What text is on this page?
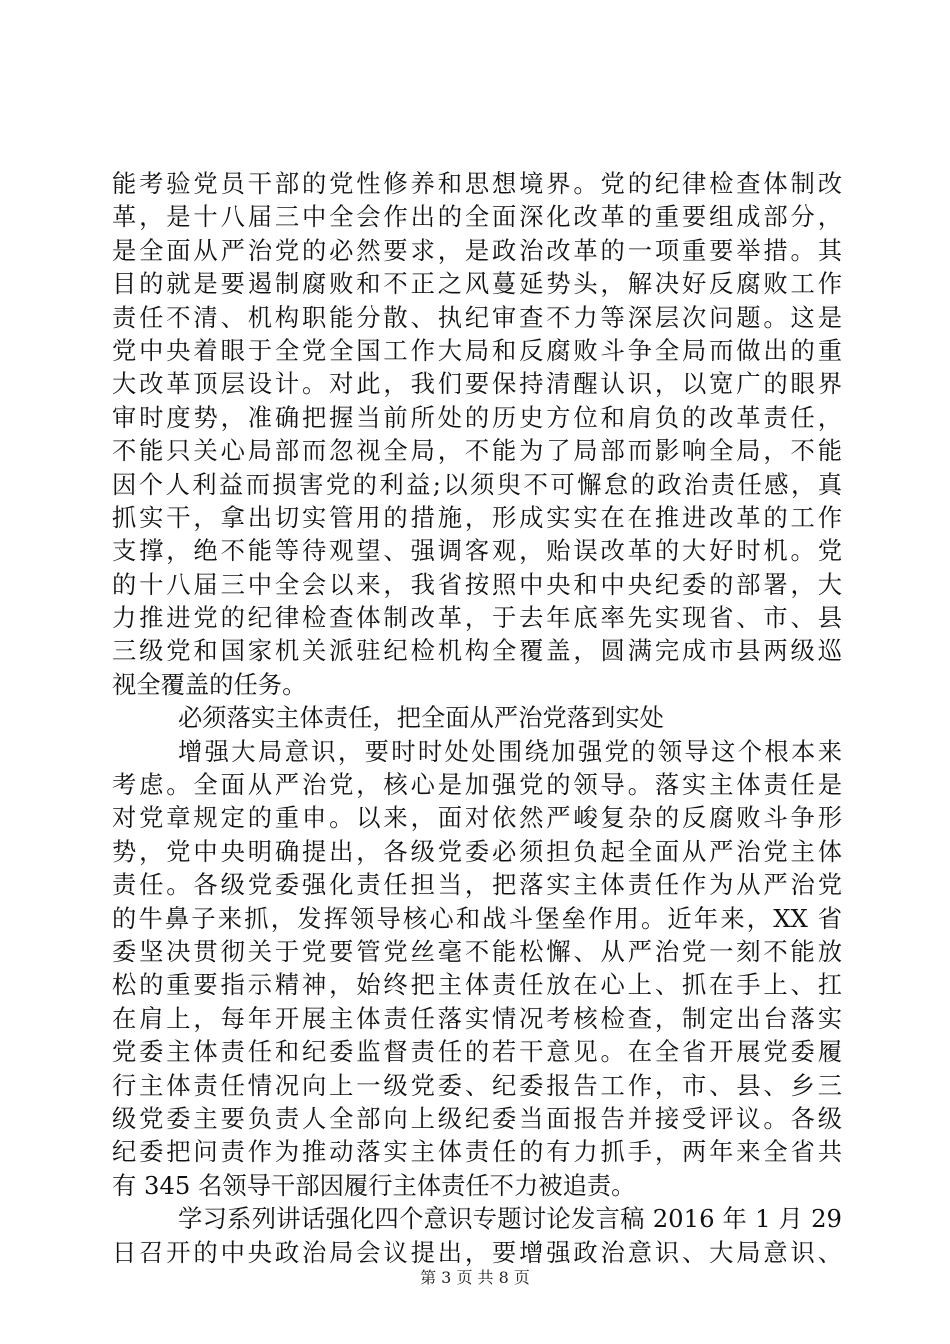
能考验党员干部的党性修养和思想境界。党的纪律检查体制改
革，是十八届三中全会作出的全面深化改革的重要组成部分，
是全面从严治党的必然要求，是政治改革的一项重要举措。其
目的就是要遏制腐败和不正之风蔓延势头，解决好反腐败工作
责任不清、机构职能分散、执纪审查不力等深层次问题。这是
党中央着眼于全党全国工作大局和反腐败斗争全局而做出的重
大改革顶层设计。对此，我们要保持清醒认识，以宽广的眼界
审时度势，准确把握当前所处的历史方位和肩负的改革责任，
不能只关心局部而忽视全局，不能为了局部而影响全局，不能
因个人利益而损害党的利益;以须臾不可懈怠的政治责任感，真
抓实干，拿出切实管用的措施，形成实实在在推进改革的工作
支撑，绝不能等待观望、强调客观，贻误改革的大好时机。党
的十八届三中全会以来，我省按照中央和中央纪委的部署，大
力推进党的纪律检查体制改革，于去年底率先实现省、市、县
三级党和国家机关派驻纪检机构全覆盖，圆满完成市县两级巡
视全覆盖的任务。
必须落实主体责任，把全面从严治党落到实处
增强大局意识，要时时处处围绕加强党的领导这个根本来
考虑。全面从严治党，核心是加强党的领导。落实主体责任是
对党章规定的重申。以来，面对依然严峻复杂的反腐败斗争形
势，党中央明确提出，各级党委必须担负起全面从严治党主体
责任。各级党委强化责任担当，把落实主体责任作为从严治党
的牛鼻子来抓，发挥领导核心和战斗堡垒作用。近年来，XX 省
委坚决贯彻关于党要管党丝毫不能松懈、从严治党一刻不能放
松的重要指示精神，始终把主体责任放在心上、抓在手上、扛
在肩上，每年开展主体责任落实情况考核检查，制定出台落实
党委主体责任和纪委监督责任的若干意见。在全省开展党委履
行主体责任情况向上一级党委、纪委报告工作，市、县、乡三
级党委主要负责人全部向上级纪委当面报告并接受评议。各级
纪委把问责作为推动落实主体责任的有力抓手，两年来全省共
有 345 名领导干部因履行主体责任不力被追责。
学习系列讲话强化四个意识专题讨论发言稿 2016 年 1 月 29
日召开的中央政治局会议提出，要增强政治意识、大局意识、
第 3 页 共 8 页
